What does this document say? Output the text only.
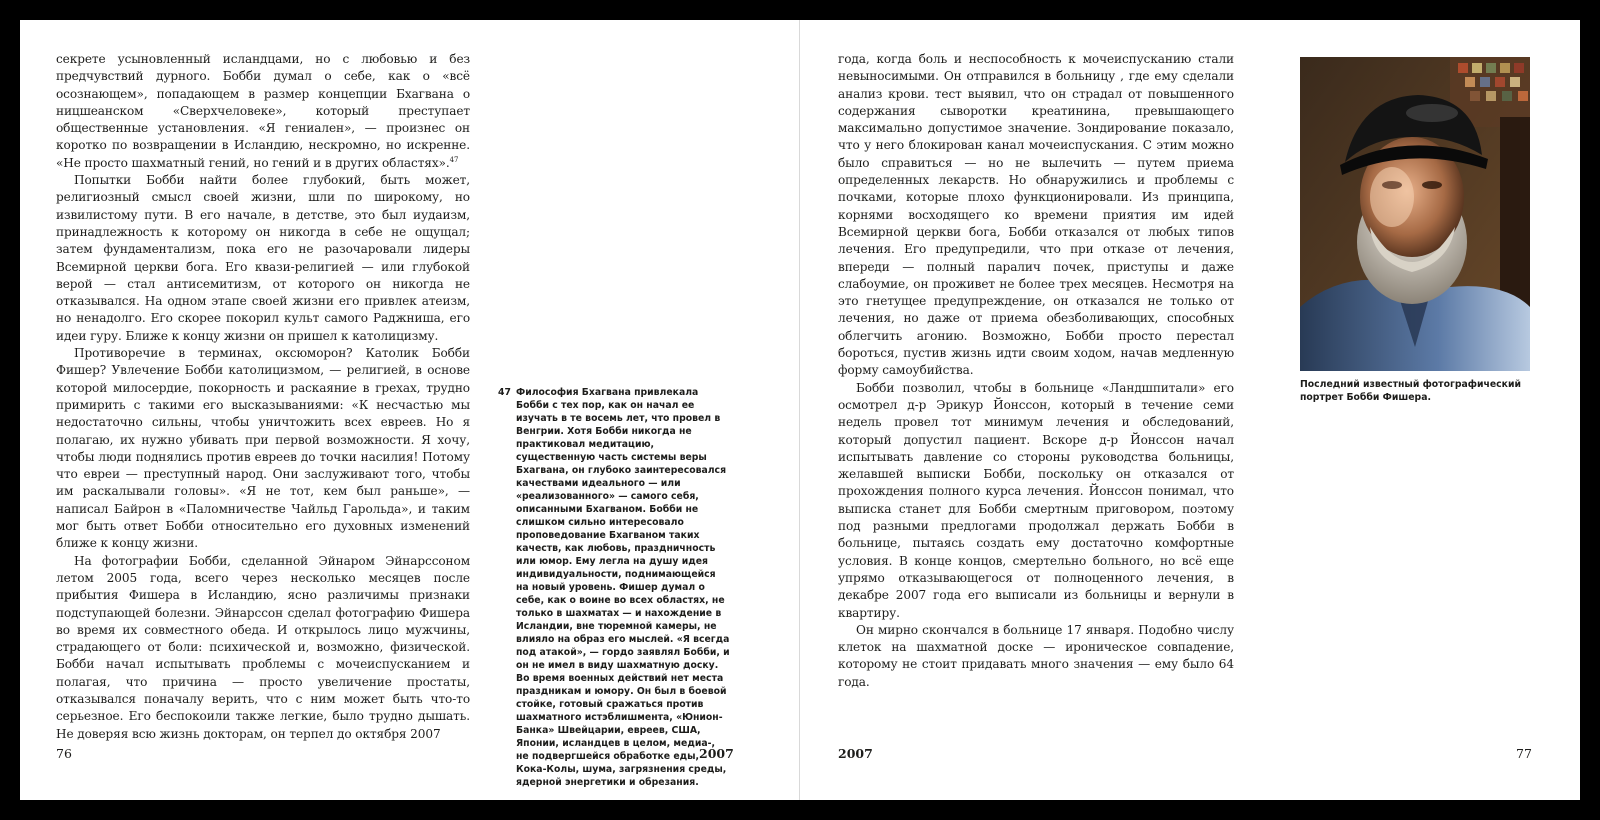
секрете усыновленный исландцами, но с любовью и без предчувствий дурного. Бобби думал о себе, как о «всё осознающем», попадающем в размер концепции Бхагвана о ницшеанском «Сверхчеловеке», который преступает общественные установления. «Я гениален», — произнес он коротко по возвращении в Исландию, нескромно, но искренне. «Не просто шахматный гений, но гений и в других областях».$^{47}$

Попытки Бобби найти более глубокий, быть может, религиозный смысл своей жизни, шли по широкому, но извилистому пути. В его начале, в детстве, это был иудаизм, принадлежность к которому он никогда в себе не ощущал; затем фундаментализм, пока его не разочаровали лидеры Всемирной церкви бога. Его квази-религией — или глубокой верой — стал антисемитизм, от которого он никогда не отказывался. На одном этапе своей жизни его привлек атеизм, но ненадолго. Его скорее покорил культ самого Раджниша, его идеи гуру. Ближе к концу жизни он пришел к католицизму.

Противоречие в терминах, оксюморон? Католик Бобби Фишер? Увлечение Бобби католицизмом, — религией, в основе которой милосердие, покорность и раскаяние в грехах, трудно примирить с такими его высказываниями: «К несчастью мы недостаточно сильны, чтобы уничтожить всех евреев. Но я полагаю, их нужно убивать при первой возможности. Я хочу, чтобы люди поднялись против евреев до точки насилия! Потому что евреи — преступный народ. Они заслуживают того, чтобы им раскалывали головы». «Я не тот, кем был раньше», — написал Байрон в «Паломничестве Чайльд Гарольда», и таким мог быть ответ Бобби относительно его духовных изменений ближе к концу жизни.

На фотографии Бобби, сделанной Эйнаром Эйнарссоном летом 2005 года, всего через несколько месяцев после прибытия Фишера в Исландию, ясно различимы признаки подступающей болезни. Эйнарссон сделал фотографию Фишера во время их совместного обеда. И открылось лицо мужчины, страдающего от боли: психической и, возможно, физической. Бобби начал испытывать проблемы с мочеиспусканием и полагая, что причина — просто увеличение простаты, отказывался поначалу верить, что с ним может быть что-то серьезное. Его беспокоили также легкие, было трудно дышать. Не доверяя всю жизнь докторам, он терпел до октября 2007

47 Философия Бхагвана привлекала Бобби с тех пор, как он начал ее изучать в те восемь лет, что провел в Венгрии. Хотя Бобби никогда не практиковал медитацию, существенную часть системы веры Бхагвана, он глубоко заинтересовался качествами идеального — или «реализованного» — самого себя, описанными Бхагваном. Бобби не слишком сильно интересовало проповедование Бхагваном таких качеств, как любовь, праздничность или юмор. Ему легла на душу идея индивидуальности, поднимающейся на новый уровень. Фишер думал о себе, как о воине во всех областях, не только в шахматах — и нахождение в Исландии, вне тюремной камеры, не влияло на образ его мыслей. «Я всегда под атакой», — гордо заявлял Бобби, и он не имел в виду шахматную доску. Во время военных действий нет места праздникам и юмору. Он был в боевой стойке, готовый сражаться против шахматного истэблишмента, «Юнион-Банка» Швейцарии, евреев, США, Японии, исландцев в целом, медиа-, не подвергшейся обработке еды, Кока-Колы, шума, загрязнения среды, ядерной энергетики и обрезания.
76	2007

года, когда боль и неспособность к мочеиспусканию стали невыносимыми. Он отправился в больницу , где ему сделали анализ крови. тест выявил, что он страдал от повышенного содержания сыворотки креатинина, превышающего максимально допустимое значение. Зондирование показало, что у него блокирован канал мочеиспускания. С этим можно было справиться — но не вылечить — путем приема определенных лекарств. Но обнаружились и проблемы с почками, которые плохо функционировали. Из принципа, корнями восходящего ко времени приятия им идей Всемирной церкви бога, Бобби отказался от любых типов лечения. Его предупредили, что при отказе от лечения, впереди — полный паралич почек, приступы и даже слабоумие, он проживет не более трех месяцев. Несмотря на это гнетущее предупреждение, он отказался не только от лечения, но даже от приема обезболивающих, способных облегчить агонию. Возможно, Бобби просто перестал бороться, пустив жизнь идти своим ходом, начав медленную форму самоубийства.

Бобби позволил, чтобы в больнице «Ландшпитали» его осмотрел д-р Эрикур Йонссон, который в течение семи недель провел тот минимум лечения и обследований, который допустил пациент. Вскоре д-р Йонссон начал испытывать давление со стороны руководства больницы, желавшей выписки Бобби, поскольку он отказался от прохождения полного курса лечения. Йонссон понимал, что выписка станет для Бобби смертным приговором, поэтому под разными предлогами продолжал держать Бобби в больнице, пытаясь создать ему достаточно комфортные условия. В конце концов, смертельно больного, но всё еще упрямо отказывающегося от полноценного лечения, в декабре 2007 года его выписали из больницы и вернули в квартиру.

Он мирно скончался в больнице 17 января. Подобно числу клеток на шахматной доске — ироническое совпадение, которому не стоит придавать много значения — ему было 64 года.

Последний известный фотографический портрет Бобби Фишера.
2007	77
